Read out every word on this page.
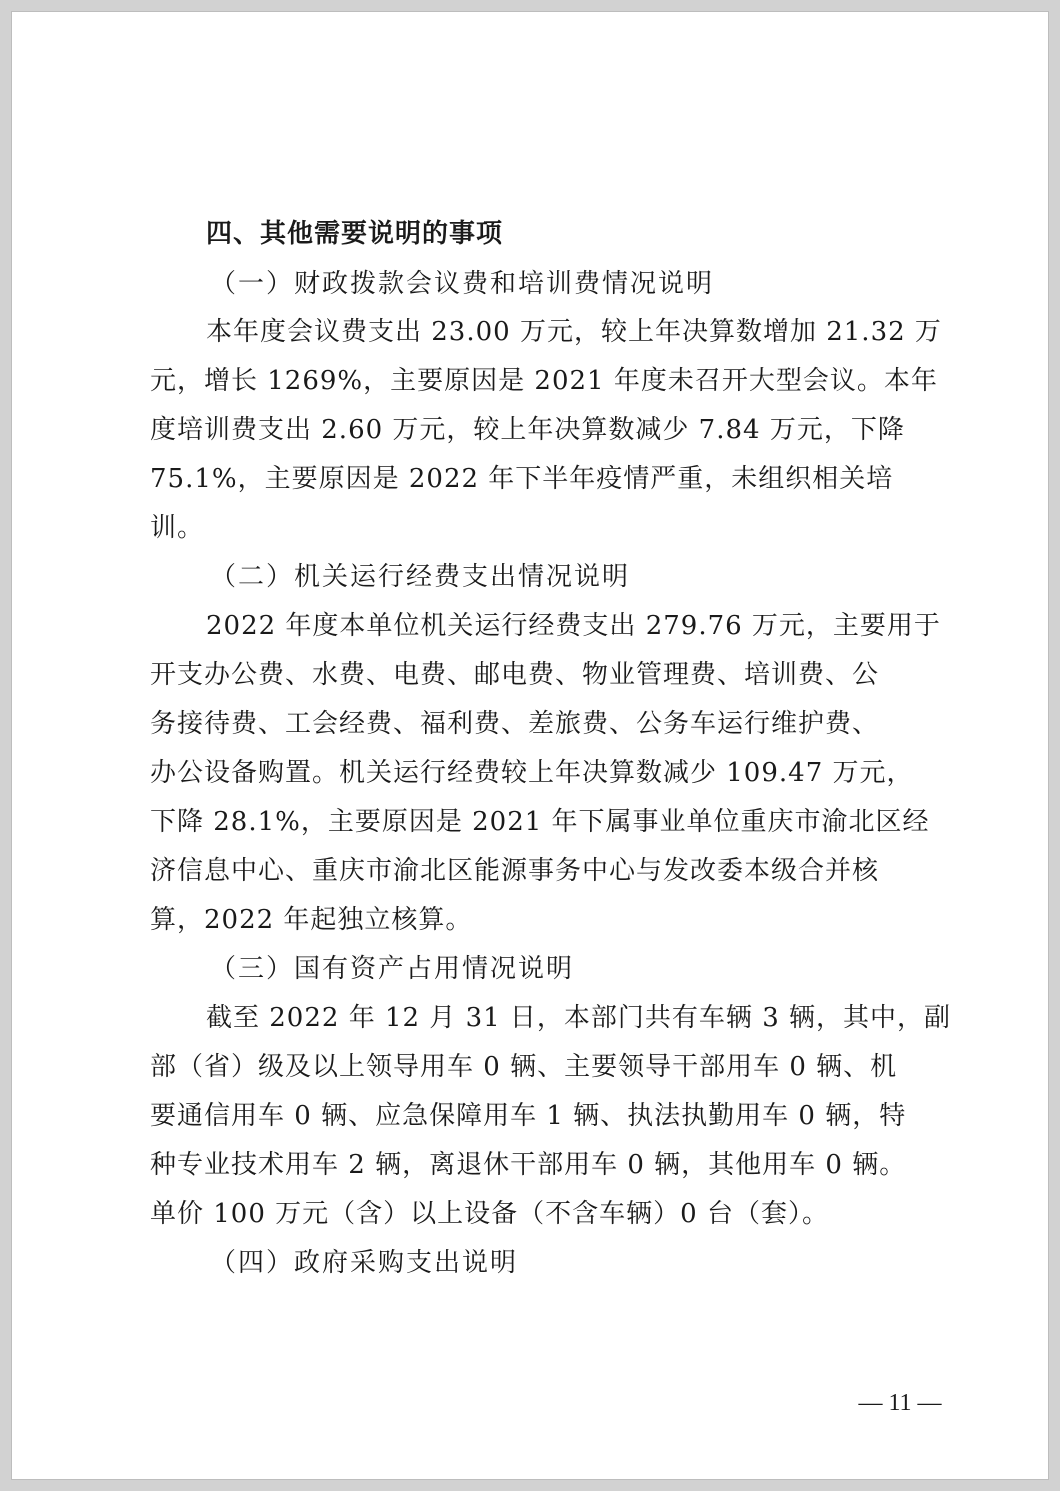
四、其他需要说明的事项
（一）财政拨款会议费和培训费情况说明
本年度会议费支出 23.00 万元，较上年决算数增加 21.32 万
元，增长 1269%，主要原因是 2021 年度未召开大型会议。本年
度培训费支出 2.60 万元，较上年决算数减少 7.84 万元，下降
75.1%，主要原因是 2022 年下半年疫情严重，未组织相关培
训。
（二）机关运行经费支出情况说明
2022 年度本单位机关运行经费支出 279.76 万元，主要用于
开支办公费、水费、电费、邮电费、物业管理费、培训费、公
务接待费、工会经费、福利费、差旅费、公务车运行维护费、
办公设备购置。机关运行经费较上年决算数减少 109.47 万元，
下降 28.1%，主要原因是 2021 年下属事业单位重庆市渝北区经
济信息中心、重庆市渝北区能源事务中心与发改委本级合并核
算，2022 年起独立核算。
（三）国有资产占用情况说明
截至 2022 年 12 月 31 日，本部门共有车辆 3 辆，其中，副
部（省）级及以上领导用车 0 辆、主要领导干部用车 0 辆、机
要通信用车 0 辆、应急保障用车 1 辆、执法执勤用车 0 辆，特
种专业技术用车 2 辆，离退休干部用车 0 辆，其他用车 0 辆。
单价 100 万元（含）以上设备（不含车辆）0 台（套）。
（四）政府采购支出说明
— 11 —
